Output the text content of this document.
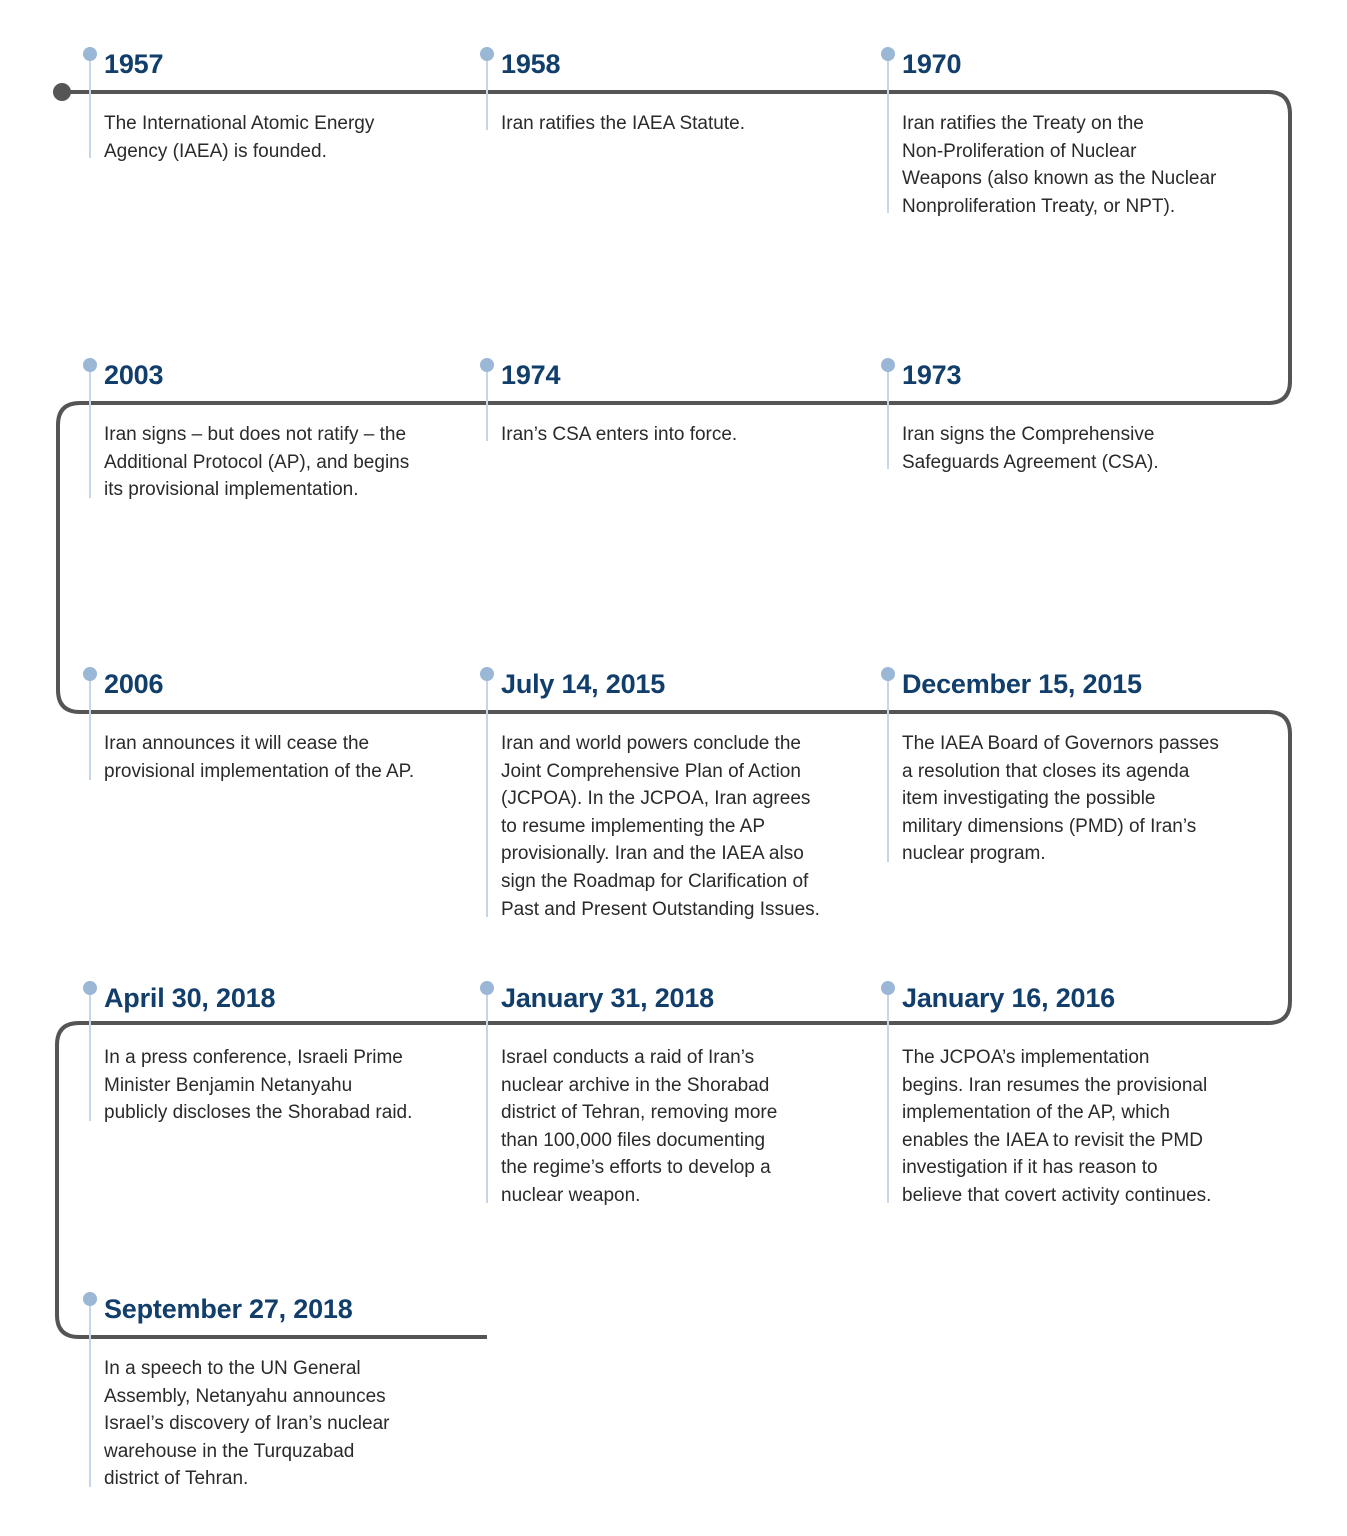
1957

The International Atomic Energy
Agency (IAEA) is founded.

1958

Iran ratifies the IAEA Statute.

1970

Iran ratifies the Treaty on the
Non-Proliferation of Nuclear
Weapons (also known as the Nuclear
Nonproliferation Treaty, or NPT).

2003

Iran signs – but does not ratify – the
Additional Protocol (AP), and begins
its provisional implementation.

1974

Iran’s CSA enters into force.

1973

Iran signs the Comprehensive
Safeguards Agreement (CSA).

2006

Iran announces it will cease the
provisional implementation of the AP.

July 14, 2015

Iran and world powers conclude the
Joint Comprehensive Plan of Action
(JCPOA). In the JCPOA, Iran agrees
to resume implementing the AP
provisionally. Iran and the IAEA also
sign the Roadmap for Clarification of
Past and Present Outstanding Issues.

December 15, 2015

The IAEA Board of Governors passes
a resolution that closes its agenda
item investigating the possible
military dimensions (PMD) of Iran’s
nuclear program.

April 30, 2018

In a press conference, Israeli Prime
Minister Benjamin Netanyahu
publicly discloses the Shorabad raid.

January 31, 2018

Israel conducts a raid of Iran’s
nuclear archive in the Shorabad
district of Tehran, removing more
than 100,000 files documenting
the regime’s efforts to develop a
nuclear weapon.

January 16, 2016

The JCPOA’s implementation
begins. Iran resumes the provisional
implementation of the AP, which
enables the IAEA to revisit the PMD
investigation if it has reason to
believe that covert activity continues.

September 27, 2018

In a speech to the UN General
Assembly, Netanyahu announces
Israel’s discovery of Iran’s nuclear
warehouse in the Turquzabad
district of Tehran.
